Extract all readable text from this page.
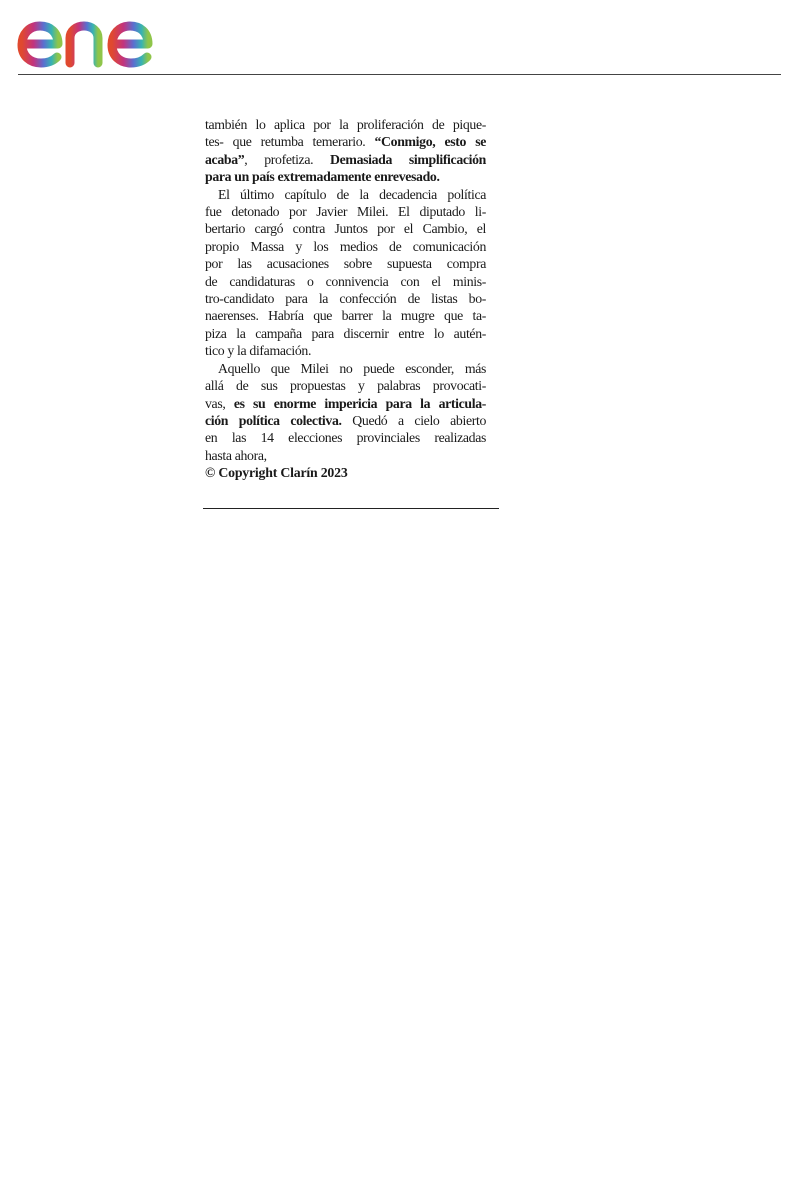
también lo aplica por la proliferación de pique-
tes- que retumba temerario. “Conmigo, esto se
acaba”, profetiza. Demasiada simplificación
para un país extremadamente enrevesado.

El último capítulo de la decadencia política
fue detonado por Javier Milei. El diputado li-
bertario cargó contra Juntos por el Cambio, el
propio Massa y los medios de comunicación
por las acusaciones sobre supuesta compra
de candidaturas o connivencia con el minis-
tro-candidato para la confección de listas bo-
naerenses. Habría que barrer la mugre que ta-
piza la campaña para discernir entre lo autén-
tico y la difamación.

Aquello que Milei no puede esconder, más
allá de sus propuestas y palabras provocati-
vas, es su enorme impericia para la articula-
ción política colectiva. Quedó a cielo abierto
en las 14 elecciones provinciales realizadas
hasta ahora,

© Copyright Clarín 2023
